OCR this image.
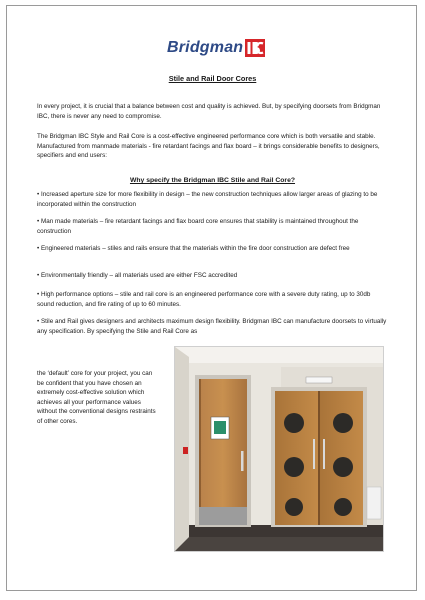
Bridgman
Stile and Rail Door Cores

In every project, it is crucial that a balance between cost and quality is achieved. But, by specifying doorsets from Bridgman IBC, there is never any need to compromise.

The Bridgman IBC Style and Rail Core is a cost-effective engineered performance core which is both versatile and stable. Manufactured from manmade materials - fire retardant facings and flax board – it brings considerable benefits to designers, specifiers and end users:

Why specify the Bridgman IBC Stile and Rail Core?

• Increased aperture size for more flexibility in design – the new construction techniques allow larger areas of glazing to be incorporated within the construction

• Man made materials – fire retardant facings and flax board core ensures that stability is maintained throughout the construction

• Engineered materials – stiles and rails ensure that the materials within the fire door construction are defect free

• Environmentally friendly – all materials used are either FSC accredited

• High performance options – stile and rail core is an engineered performance core with a severe duty rating, up to 30db sound reduction, and fire rating of up to 60 minutes.

• Stile and Rail gives designers and architects maximum design flexibility. Bridgman IBC can manufacture doorsets to virtually any specification. By specifying the Stile and Rail Core as

the ‘default’ core for your project, you can be confident that you have chosen an extremely cost-effective solution which achieves all your performance values without the conventional designs restraints of other cores.
